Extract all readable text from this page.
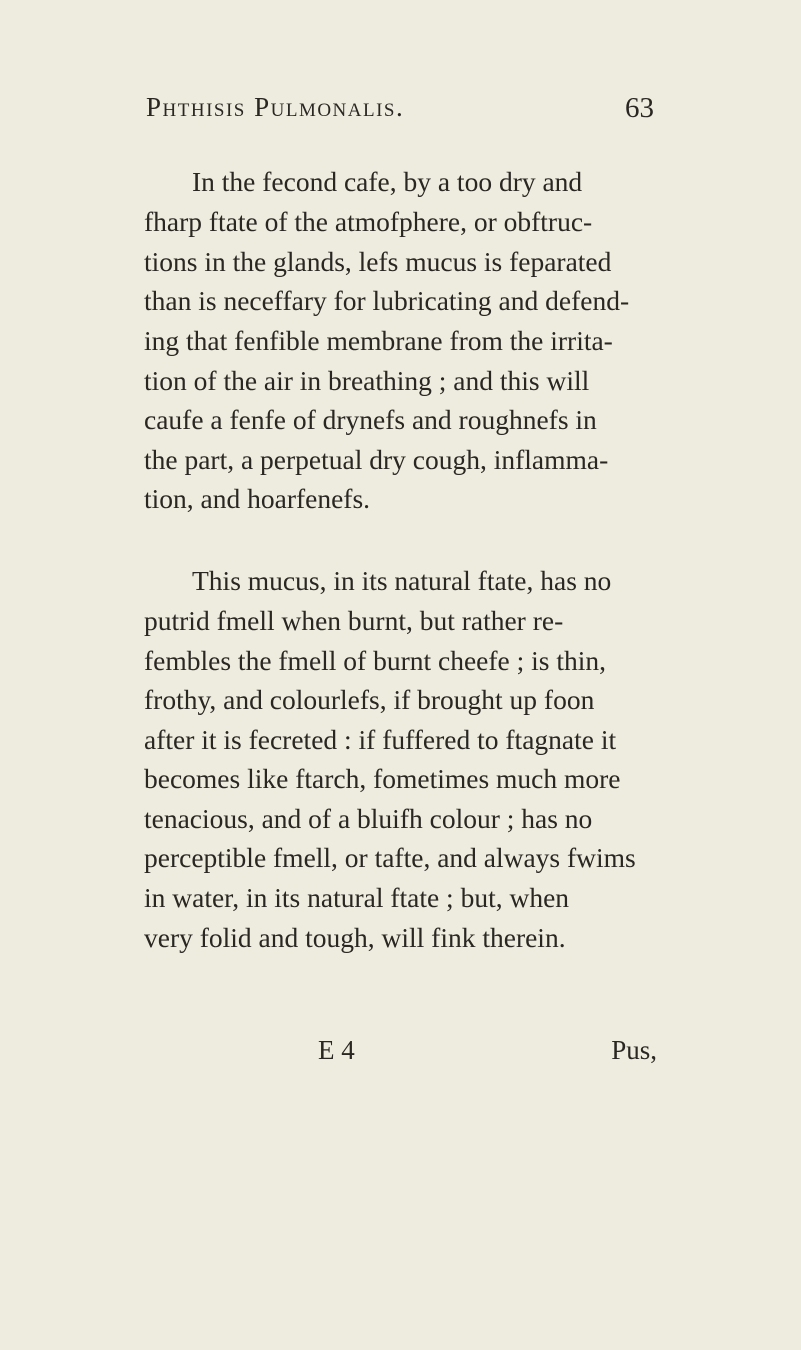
Phthisis Pulmonalis.	63
In the fecond cafe, by a too dry and
fharp ftate of the atmofphere, or obftruc-
tions in the glands, lefs mucus is feparated
than is neceffary for lubricating and defend-
ing that fenfible membrane from the irrita-
tion of the air in breathing ; and this will
caufe a fenfe of drynefs and roughnefs in
the part, a perpetual dry cough, inflamma-
tion, and hoarfenefs.
This mucus, in its natural ftate, has no
putrid fmell when burnt, but rather re-
fembles the fmell of burnt cheefe ; is thin,
frothy, and colourlefs, if brought up foon
after it is fecreted : if fuffered to ftagnate it
becomes like ftarch, fometimes much more
tenacious, and of a bluifh colour ; has no
perceptible fmell, or tafte, and always fwims
in water, in its natural ftate ; but, when
very folid and tough, will fink therein.
E 4	Pus,
